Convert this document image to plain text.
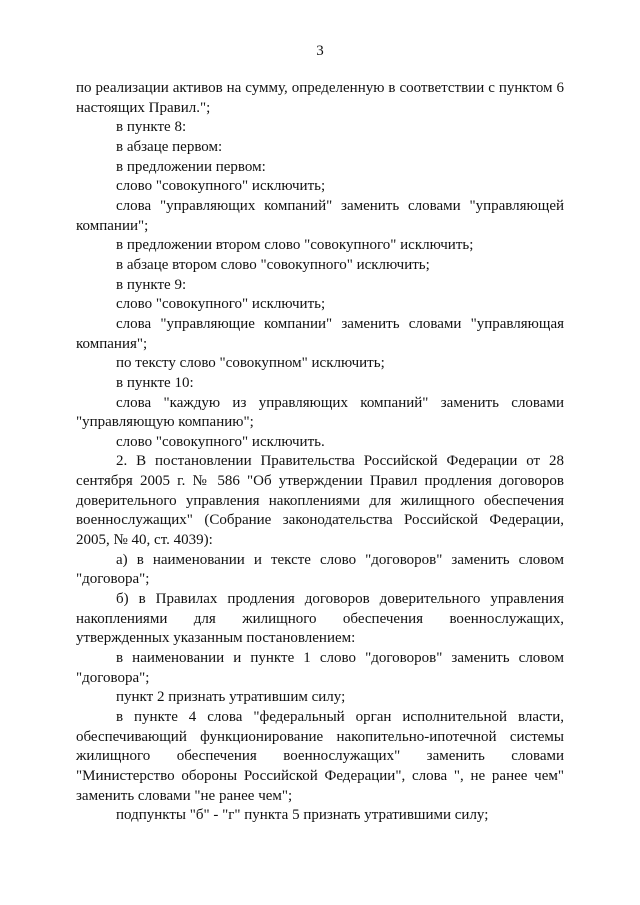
3

по реализации активов на сумму, определенную в соответствии с пунктом 6 настоящих Правил.";

в пункте 8:

в абзаце первом:

в предложении первом:

слово "совокупного" исключить;

слова "управляющих компаний" заменить словами "управляющей компании";

в предложении втором слово "совокупного" исключить;

в абзаце втором слово "совокупного" исключить;

в пункте 9:

слово "совокупного" исключить;

слова "управляющие компании" заменить словами "управляющая компания";

по тексту слово "совокупном" исключить;

в пункте 10:

слова "каждую из управляющих компаний" заменить словами "управляющую компанию";

слово "совокупного" исключить.

2. В постановлении Правительства Российской Федерации от 28 сентября 2005 г. № 586 "Об утверждении Правил продления договоров доверительного управления накоплениями для жилищного обеспечения военнослужащих" (Собрание законодательства Российской Федерации, 2005, № 40, ст. 4039):

а) в наименовании и тексте слово "договоров" заменить словом "договора";

б) в Правилах продления договоров доверительного управления накоплениями для жилищного обеспечения военнослужащих, утвержденных указанным постановлением:

в наименовании и пункте 1 слово "договоров" заменить словом "договора";

пункт 2 признать утратившим силу;

в пункте 4 слова "федеральный орган исполнительной власти, обеспечивающий функционирование накопительно-ипотечной системы жилищного обеспечения военнослужащих" заменить словами "Министерство обороны Российской Федерации", слова ", не ранее чем" заменить словами "не ранее чем";

подпункты "б" - "г" пункта 5 признать утратившими силу;
